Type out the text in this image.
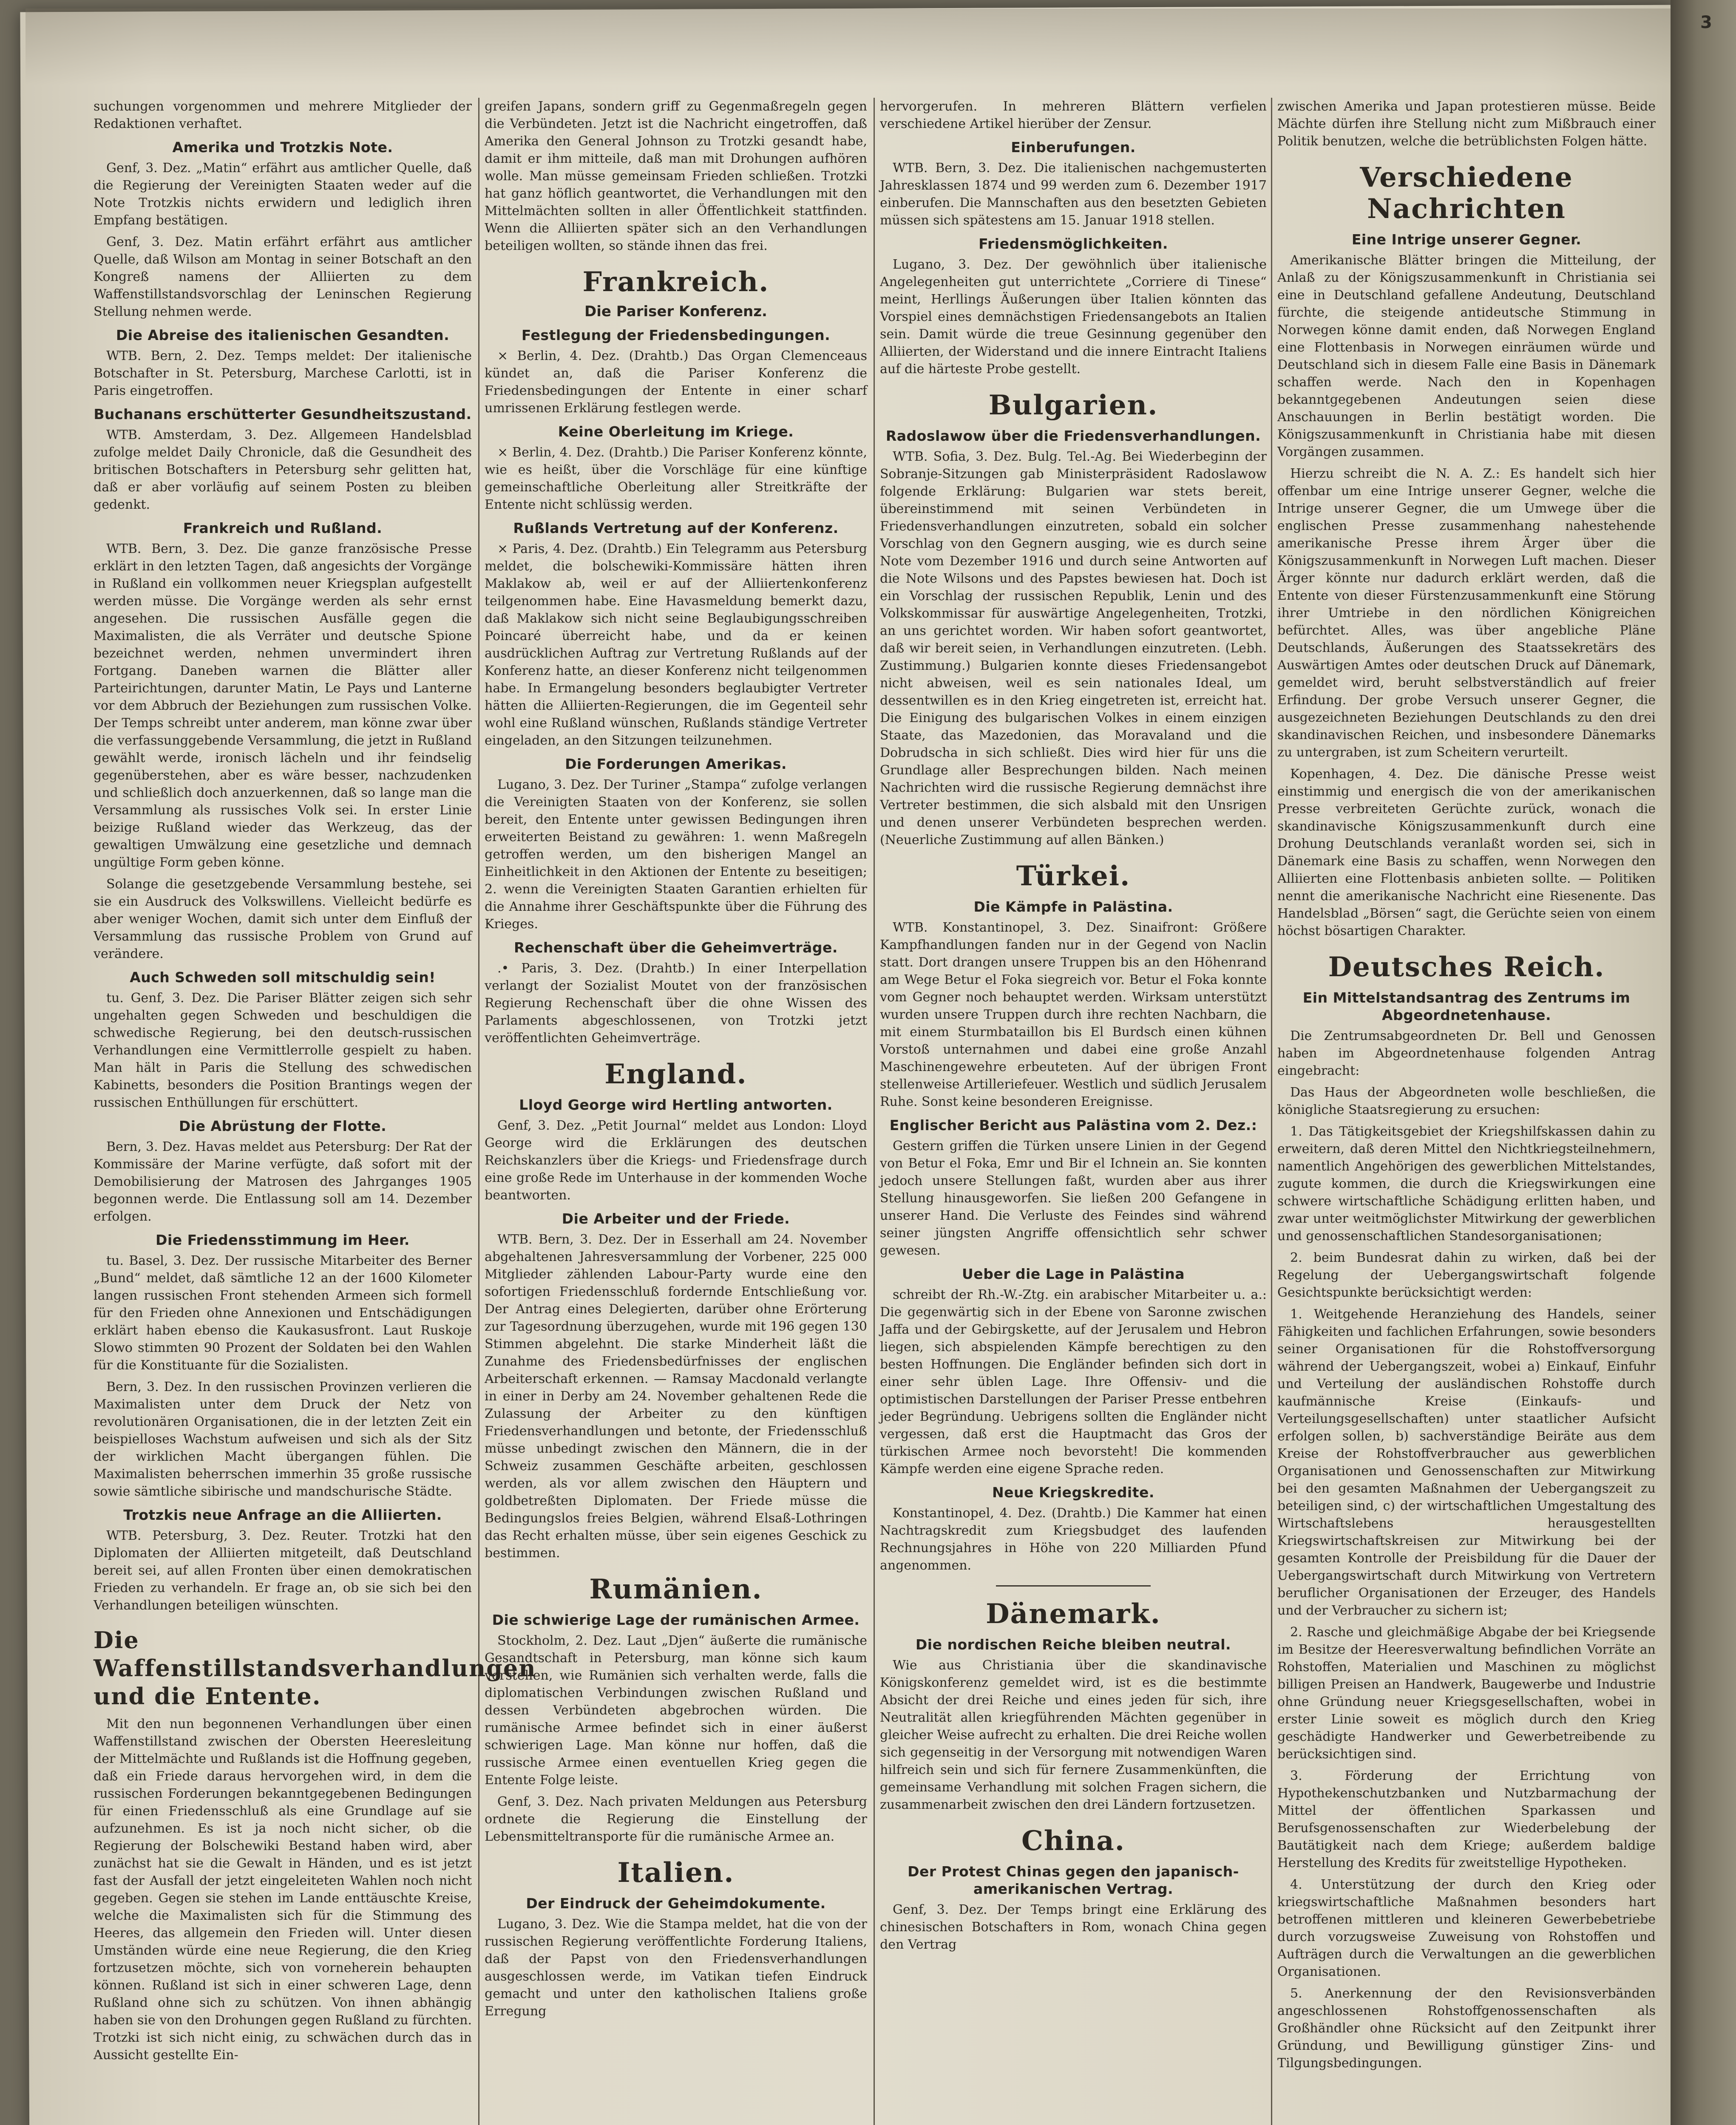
3

suchungen vorgenommen und mehrere Mitglieder der Redaktionen verhaftet.

Amerika und Trotzkis Note.

Genf, 3. Dez. „Matin“ erfährt aus amtlicher Quelle, daß die Regierung der Vereinigten Staaten weder auf die Note Trotzkis nichts erwidern und lediglich ihren Empfang bestätigen.

Genf, 3. Dez. Matin erfährt erfährt aus amtlicher Quelle, daß Wilson am Montag in seiner Botschaft an den Kongreß namens der Alliierten zu dem Waffenstillstandsvorschlag der Leninschen Regierung Stellung nehmen werde.

Die Abreise des italienischen Gesandten.

WTB. Bern, 2. Dez. Temps meldet: Der italienische Botschafter in St. Petersburg, Marchese Carlotti, ist in Paris eingetroffen.

Buchanans erschütterter Gesundheitszustand.

WTB. Amsterdam, 3. Dez. Allgemeen Handelsblad zufolge meldet Daily Chronicle, daß die Gesundheit des britischen Botschafters in Petersburg sehr gelitten hat, daß er aber vorläufig auf seinem Posten zu bleiben gedenkt.

Frankreich und Rußland.

WTB. Bern, 3. Dez. Die ganze französische Presse erklärt in den letzten Tagen, daß angesichts der Vorgänge in Rußland ein vollkommen neuer Kriegsplan aufgestellt werden müsse. Die Vorgänge werden als sehr ernst angesehen. Die russischen Ausfälle gegen die Maximalisten, die als Verräter und deutsche Spione bezeichnet werden, nehmen unvermindert ihren Fortgang. Daneben warnen die Blätter aller Parteirichtungen, darunter Matin, Le Pays und Lanterne vor dem Abbruch der Beziehungen zum russischen Volke. Der Temps schreibt unter anderem, man könne zwar über die verfassunggebende Versammlung, die jetzt in Rußland gewählt werde, ironisch lächeln und ihr feindselig gegenüberstehen, aber es wäre besser, nachzudenken und schließlich doch anzuerkennen, daß so lange man die Versammlung als russisches Volk sei. In erster Linie beizige Rußland wieder das Werkzeug, das der gewaltigen Umwälzung eine gesetzliche und demnach ungültige Form geben könne.

Solange die gesetzgebende Versammlung bestehe, sei sie ein Ausdruck des Volkswillens. Vielleicht bedürfe es aber weniger Wochen, damit sich unter dem Einfluß der Versammlung das russische Problem von Grund auf verändere.

Auch Schweden soll mitschuldig sein!

tu. Genf, 3. Dez. Die Pariser Blätter zeigen sich sehr ungehalten gegen Schweden und beschuldigen die schwedische Regierung, bei den deutsch-russischen Verhandlungen eine Vermittlerrolle gespielt zu haben. Man hält in Paris die Stellung des schwedischen Kabinetts, besonders die Position Brantings wegen der russischen Enthüllungen für erschüttert.

Die Abrüstung der Flotte.

Bern, 3. Dez. Havas meldet aus Petersburg: Der Rat der Kommissäre der Marine verfügte, daß sofort mit der Demobilisierung der Matrosen des Jahrganges 1905 begonnen werde. Die Entlassung soll am 14. Dezember erfolgen.

Die Friedensstimmung im Heer.

tu. Basel, 3. Dez. Der russische Mitarbeiter des Berner „Bund“ meldet, daß sämtliche 12 an der 1600 Kilometer langen russischen Front stehenden Armeen sich formell für den Frieden ohne Annexionen und Entschädigungen erklärt haben ebenso die Kaukasusfront. Laut Ruskoje Slowo stimmten 90 Prozent der Soldaten bei den Wahlen für die Konstituante für die Sozialisten.

Bern, 3. Dez. In den russischen Provinzen verlieren die Maximalisten unter dem Druck der Netz von revolutionären Organisationen, die in der letzten Zeit ein beispielloses Wachstum aufweisen und sich als der Sitz der wirklichen Macht übergangen fühlen. Die Maximalisten beherrschen immerhin 35 große russische sowie sämtliche sibirische und mandschurische Städte.

Trotzkis neue Anfrage an die Alliierten.

WTB. Petersburg, 3. Dez. Reuter. Trotzki hat den Diplomaten der Alliierten mitgeteilt, daß Deutschland bereit sei, auf allen Fronten über einen demokratischen Frieden zu verhandeln. Er frage an, ob sie sich bei den Verhandlungen beteiligen wünschten.

Die Waffenstillstandsverhandlungen und die Entente.

Mit den nun begonnenen Verhandlungen über einen Waffenstillstand zwischen der Obersten Heeresleitung der Mittelmächte und Rußlands ist die Hoffnung gegeben, daß ein Friede daraus hervorgehen wird, in dem die russischen Forderungen bekanntgegebenen Bedingungen für einen Friedensschluß als eine Grundlage auf sie aufzunehmen. Es ist ja noch nicht sicher, ob die Regierung der Bolschewiki Bestand haben wird, aber zunächst hat sie die Gewalt in Händen, und es ist jetzt fast der Ausfall der jetzt eingeleiteten Wahlen noch nicht gegeben. Gegen sie stehen im Lande enttäuschte Kreise, welche die Maximalisten sich für die Stimmung des Heeres, das allgemein den Frieden will. Unter diesen Umständen würde eine neue Regierung, die den Krieg fortzusetzen möchte, sich von vorneherein behaupten können. Rußland ist sich in einer schweren Lage, denn Rußland ohne sich zu schützen. Von ihnen abhängig haben sie von den Drohungen gegen Rußland zu fürchten. Trotzki ist sich nicht einig, zu schwächen durch das in Aussicht gestellte Ein-

greifen Japans, sondern griff zu Gegenmaßregeln gegen die Verbündeten. Jetzt ist die Nachricht eingetroffen, daß Amerika den General Johnson zu Trotzki gesandt habe, damit er ihm mitteile, daß man mit Drohungen aufhören wolle. Man müsse gemeinsam Frieden schließen. Trotzki hat ganz höflich geantwortet, die Verhandlungen mit den Mittelmächten sollten in aller Öffentlichkeit stattfinden. Wenn die Alliierten später sich an den Verhandlungen beteiligen wollten, so stände ihnen das frei.

Frankreich.
Die Pariser Konferenz.
Festlegung der Friedensbedingungen.

× Berlin, 4. Dez. (Drahtb.) Das Organ Clemenceaus kündet an, daß die Pariser Konferenz die Friedensbedingungen der Entente in einer scharf umrissenen Erklärung festlegen werde.

Keine Oberleitung im Kriege.

× Berlin, 4. Dez. (Drahtb.) Die Pariser Konferenz könnte, wie es heißt, über die Vorschläge für eine künftige gemeinschaftliche Oberleitung aller Streitkräfte der Entente nicht schlüssig werden.

Rußlands Vertretung auf der Konferenz.

× Paris, 4. Dez. (Drahtb.) Ein Telegramm aus Petersburg meldet, die bolschewiki-Kommissäre hätten ihren Maklakow ab, weil er auf der Alliiertenkonferenz teilgenommen habe. Eine Havasmeldung bemerkt dazu, daß Maklakow sich nicht seine Beglaubigungsschreiben Poincaré überreicht habe, und da er keinen ausdrücklichen Auftrag zur Vertretung Rußlands auf der Konferenz hatte, an dieser Konferenz nicht teilgenommen habe. In Ermangelung besonders beglaubigter Vertreter hätten die Alliierten-Regierungen, die im Gegenteil sehr wohl eine Rußland wünschen, Rußlands ständige Vertreter eingeladen, an den Sitzungen teilzunehmen.

Die Forderungen Amerikas.

Lugano, 3. Dez. Der Turiner „Stampa“ zufolge verlangen die Vereinigten Staaten von der Konferenz, sie sollen bereit, den Entente unter gewissen Bedingungen ihren erweiterten Beistand zu gewähren: 1. wenn Maßregeln getroffen werden, um den bisherigen Mangel an Einheitlichkeit in den Aktionen der Entente zu beseitigen; 2. wenn die Vereinigten Staaten Garantien erhielten für die Annahme ihrer Geschäftspunkte über die Führung des Krieges.

Rechenschaft über die Geheimverträge.

.• Paris, 3. Dez. (Drahtb.) In einer Interpellation verlangt der Sozialist Moutet von der französischen Regierung Rechenschaft über die ohne Wissen des Parlaments abgeschlossenen, von Trotzki jetzt veröffentlichten Geheimverträge.

England.
Lloyd George wird Hertling antworten.

Genf, 3. Dez. „Petit Journal“ meldet aus London: Lloyd George wird die Erklärungen des deutschen Reichskanzlers über die Kriegs- und Friedensfrage durch eine große Rede im Unterhause in der kommenden Woche beantworten.

Die Arbeiter und der Friede.

WTB. Bern, 3. Dez. Der in Esserhall am 24. November abgehaltenen Jahresversammlung der Vorbener, 225 000 Mitglieder zählenden Labour-Party wurde eine den sofortigen Friedensschluß fordernde Entschließung vor. Der Antrag eines Delegierten, darüber ohne Erörterung zur Tagesordnung überzugehen, wurde mit 196 gegen 130 Stimmen abgelehnt. Die starke Minderheit läßt die Zunahme des Friedensbedürfnisses der englischen Arbeiterschaft erkennen. — Ramsay Macdonald verlangte in einer in Derby am 24. November gehaltenen Rede die Zulassung der Arbeiter zu den künftigen Friedensverhandlungen und betonte, der Friedensschluß müsse unbedingt zwischen den Männern, die in der Schweiz zusammen Geschäfte arbeiten, geschlossen werden, als vor allem zwischen den Häuptern und goldbetreßten Diplomaten. Der Friede müsse die Bedingungslos freies Belgien, während Elsaß-Lothringen das Recht erhalten müsse, über sein eigenes Geschick zu bestimmen.

Rumänien.
Die schwierige Lage der rumänischen Armee.

Stockholm, 2. Dez. Laut „Djen“ äußerte die rumänische Gesandtschaft in Petersburg, man könne sich kaum vorstellen, wie Rumänien sich verhalten werde, falls die diplomatischen Verbindungen zwischen Rußland und dessen Verbündeten abgebrochen würden. Die rumänische Armee befindet sich in einer äußerst schwierigen Lage. Man könne nur hoffen, daß die russische Armee einen eventuellen Krieg gegen die Entente Folge leiste.

Genf, 3. Dez. Nach privaten Meldungen aus Petersburg ordnete die Regierung die Einstellung der Lebensmitteltransporte für die rumänische Armee an.

Italien.
Der Eindruck der Geheimdokumente.

Lugano, 3. Dez. Wie die Stampa meldet, hat die von der russischen Regierung veröffentlichte Forderung Italiens, daß der Papst von den Friedensverhandlungen ausgeschlossen werde, im Vatikan tiefen Eindruck gemacht und unter den katholischen Italiens große Erregung

hervorgerufen. In mehreren Blättern verfielen verschiedene Artikel hierüber der Zensur.

Einberufungen.

WTB. Bern, 3. Dez. Die italienischen nachgemusterten Jahresklassen 1874 und 99 werden zum 6. Dezember 1917 einberufen. Die Mannschaften aus den besetzten Gebieten müssen sich spätestens am 15. Januar 1918 stellen.

Friedensmöglichkeiten.

Lugano, 3. Dez. Der gewöhnlich über italienische Angelegenheiten gut unterrichtete „Corriere di Tinese“ meint, Herllings Äußerungen über Italien könnten das Vorspiel eines demnächstigen Friedensangebots an Italien sein. Damit würde die treue Gesinnung gegenüber den Alliierten, der Widerstand und die innere Eintracht Italiens auf die härteste Probe gestellt.

Bulgarien.
Radoslawow über die Friedensverhandlungen.

WTB. Sofia, 3. Dez. Bulg. Tel.-Ag. Bei Wiederbeginn der Sobranje-Sitzungen gab Ministerpräsident Radoslawow folgende Erklärung: Bulgarien war stets bereit, übereinstimmend mit seinen Verbündeten in Friedensverhandlungen einzutreten, sobald ein solcher Vorschlag von den Gegnern ausging, wie es durch seine Note vom Dezember 1916 und durch seine Antworten auf die Note Wilsons und des Papstes bewiesen hat. Doch ist ein Vorschlag der russischen Republik, Lenin und des Volkskommissar für auswärtige Angelegenheiten, Trotzki, an uns gerichtet worden. Wir haben sofort geantwortet, daß wir bereit seien, in Verhandlungen einzutreten. (Lebh. Zustimmung.) Bulgarien konnte dieses Friedensangebot nicht abweisen, weil es sein nationales Ideal, um dessentwillen es in den Krieg eingetreten ist, erreicht hat. Die Einigung des bulgarischen Volkes in einem einzigen Staate, das Mazedonien, das Moravaland und die Dobrudscha in sich schließt. Dies wird hier für uns die Grundlage aller Besprechungen bilden. Nach meinen Nachrichten wird die russische Regierung demnächst ihre Vertreter bestimmen, die sich alsbald mit den Unsrigen und denen unserer Verbündeten besprechen werden. (Neuerliche Zustimmung auf allen Bänken.)

Türkei.
Die Kämpfe in Palästina.

WTB. Konstantinopel, 3. Dez. Sinaifront: Größere Kampfhandlungen fanden nur in der Gegend von Naclin statt. Dort drangen unsere Truppen bis an den Höhenrand am Wege Betur el Foka siegreich vor. Betur el Foka konnte vom Gegner noch behauptet werden. Wirksam unterstützt wurden unsere Truppen durch ihre rechten Nachbarn, die mit einem Sturmbataillon bis El Burdsch einen kühnen Vorstoß unternahmen und dabei eine große Anzahl Maschinengewehre erbeuteten. Auf der übrigen Front stellenweise Artilleriefeuer. Westlich und südlich Jerusalem Ruhe. Sonst keine besonderen Ereignisse.

Englischer Bericht aus Palästina vom 2. Dez.:

Gestern griffen die Türken unsere Linien in der Gegend von Betur el Foka, Emr und Bir el Ichnein an. Sie konnten jedoch unsere Stellungen faßt, wurden aber aus ihrer Stellung hinausgeworfen. Sie ließen 200 Gefangene in unserer Hand. Die Verluste des Feindes sind während seiner jüngsten Angriffe offensichtlich sehr schwer gewesen.

Ueber die Lage in Palästina

schreibt der Rh.-W.-Ztg. ein arabischer Mitarbeiter u. a.: Die gegenwärtig sich in der Ebene von Saronne zwischen Jaffa und der Gebirgskette, auf der Jerusalem und Hebron liegen, sich abspielenden Kämpfe berechtigen zu den besten Hoffnungen. Die Engländer befinden sich dort in einer sehr üblen Lage. Ihre Offensiv- und die optimistischen Darstellungen der Pariser Presse entbehren jeder Begründung. Uebrigens sollten die Engländer nicht vergessen, daß erst die Hauptmacht das Gros der türkischen Armee noch bevorsteht! Die kommenden Kämpfe werden eine eigene Sprache reden.

Neue Kriegskredite.

Konstantinopel, 4. Dez. (Drahtb.) Die Kammer hat einen Nachtragskredit zum Kriegsbudget des laufenden Rechnungsjahres in Höhe von 220 Milliarden Pfund angenommen.

Dänemark.
Die nordischen Reiche bleiben neutral.

Wie aus Christiania über die skandinavische Königskonferenz gemeldet wird, ist es die bestimmte Absicht der drei Reiche und eines jeden für sich, ihre Neutralität allen kriegführenden Mächten gegenüber in gleicher Weise aufrecht zu erhalten. Die drei Reiche wollen sich gegenseitig in der Versorgung mit notwendigen Waren hilfreich sein und sich für fernere Zusammenkünften, die gemeinsame Verhandlung mit solchen Fragen sichern, die zusammenarbeit zwischen den drei Ländern fortzusetzen.

China.
Der Protest Chinas gegen den japanisch-amerikanischen Vertrag.

Genf, 3. Dez. Der Temps bringt eine Erklärung des chinesischen Botschafters in Rom, wonach China gegen den Vertrag

zwischen Amerika und Japan protestieren müsse. Beide Mächte dürfen ihre Stellung nicht zum Mißbrauch einer Politik benutzen, welche die betrüblichsten Folgen hätte.

Verschiedene Nachrichten
Eine Intrige unserer Gegner.

Amerikanische Blätter bringen die Mitteilung, der Anlaß zu der Königszusammenkunft in Christiania sei eine in Deutschland gefallene Andeutung, Deutschland fürchte, die steigende antideutsche Stimmung in Norwegen könne damit enden, daß Norwegen England eine Flottenbasis in Norwegen einräumen würde und Deutschland sich in diesem Falle eine Basis in Dänemark schaffen werde. Nach den in Kopenhagen bekanntgegebenen Andeutungen seien diese Anschauungen in Berlin bestätigt worden. Die Königszusammenkunft in Christiania habe mit diesen Vorgängen zusammen.

Hierzu schreibt die N. A. Z.: Es handelt sich hier offenbar um eine Intrige unserer Gegner, welche die Intrige unserer Gegner, die um Umwege über die englischen Presse zusammenhang nahestehende amerikanische Presse ihrem Ärger über die Königszusammenkunft in Norwegen Luft machen. Dieser Ärger könnte nur dadurch erklärt werden, daß die Entente von dieser Fürstenzusammenkunft eine Störung ihrer Umtriebe in den nördlichen Königreichen befürchtet. Alles, was über angebliche Pläne Deutschlands, Äußerungen des Staatssekretärs des Auswärtigen Amtes oder deutschen Druck auf Dänemark, gemeldet wird, beruht selbstverständlich auf freier Erfindung. Der grobe Versuch unserer Gegner, die ausgezeichneten Beziehungen Deutschlands zu den drei skandinavischen Reichen, und insbesondere Dänemarks zu untergraben, ist zum Scheitern verurteilt.

Kopenhagen, 4. Dez. Die dänische Presse weist einstimmig und energisch die von der amerikanischen Presse verbreiteten Gerüchte zurück, wonach die skandinavische Königszusammenkunft durch eine Drohung Deutschlands veranlaßt worden sei, sich in Dänemark eine Basis zu schaffen, wenn Norwegen den Alliierten eine Flottenbasis anbieten sollte. — Politiken nennt die amerikanische Nachricht eine Riesenente. Das Handelsblad „Börsen“ sagt, die Gerüchte seien von einem höchst bösartigen Charakter.

Deutsches Reich.
Ein Mittelstandsantrag des Zentrums im Abgeordnetenhause.

Die Zentrumsabgeordneten Dr. Bell und Genossen haben im Abgeordnetenhause folgenden Antrag eingebracht:

Das Haus der Abgeordneten wolle beschließen, die königliche Staatsregierung zu ersuchen:

1. Das Tätigkeitsgebiet der Kriegshilfskassen dahin zu erweitern, daß deren Mittel den Nichtkriegsteilnehmern, namentlich Angehörigen des gewerblichen Mittelstandes, zugute kommen, die durch die Kriegswirkungen eine schwere wirtschaftliche Schädigung erlitten haben, und zwar unter weitmöglichster Mitwirkung der gewerblichen und genossenschaftlichen Standesorganisationen;

2. beim Bundesrat dahin zu wirken, daß bei der Regelung der Uebergangswirtschaft folgende Gesichtspunkte berücksichtigt werden:

1. Weitgehende Heranziehung des Handels, seiner Fähigkeiten und fachlichen Erfahrungen, sowie besonders seiner Organisationen für die Rohstoffversorgung während der Uebergangszeit, wobei a) Einkauf, Einfuhr und Verteilung der ausländischen Rohstoffe durch kaufmännische Kreise (Einkaufs- und Verteilungsgesellschaften) unter staatlicher Aufsicht erfolgen sollen, b) sachverständige Beiräte aus dem Kreise der Rohstoffverbraucher aus gewerblichen Organisationen und Genossenschaften zur Mitwirkung bei den gesamten Maßnahmen der Uebergangszeit zu beteiligen sind, c) der wirtschaftlichen Umgestaltung des Wirtschaftslebens herausgestellten Kriegswirtschaftskreisen zur Mitwirkung bei der gesamten Kontrolle der Preisbildung für die Dauer der Uebergangswirtschaft durch Mitwirkung von Vertretern beruflicher Organisationen der Erzeuger, des Handels und der Verbraucher zu sichern ist;

2. Rasche und gleichmäßige Abgabe der bei Kriegsende im Besitze der Heeresverwaltung befindlichen Vorräte an Rohstoffen, Materialien und Maschinen zu möglichst billigen Preisen an Handwerk, Baugewerbe und Industrie ohne Gründung neuer Kriegsgesellschaften, wobei in erster Linie soweit es möglich durch den Krieg geschädigte Handwerker und Gewerbetreibende zu berücksichtigen sind.

3. Förderung der Errichtung von Hypothekenschutzbanken und Nutzbarmachung der Mittel der öffentlichen Sparkassen und Berufsgenossenschaften zur Wiederbelebung der Bautätigkeit nach dem Kriege; außerdem baldige Herstellung des Kredits für zweitstellige Hypotheken.

4. Unterstützung der durch den Krieg oder kriegswirtschaftliche Maßnahmen besonders hart betroffenen mittleren und kleineren Gewerbebetriebe durch vorzugsweise Zuweisung von Rohstoffen und Aufträgen durch die Verwaltungen an die gewerblichen Organisationen.

5. Anerkennung der den Revisionsverbänden angeschlossenen Rohstoffgenossenschaften als Großhändler ohne Rücksicht auf den Zeitpunkt ihrer Gründung, und Bewilligung günstiger Zins- und Tilgungsbedingungen.
